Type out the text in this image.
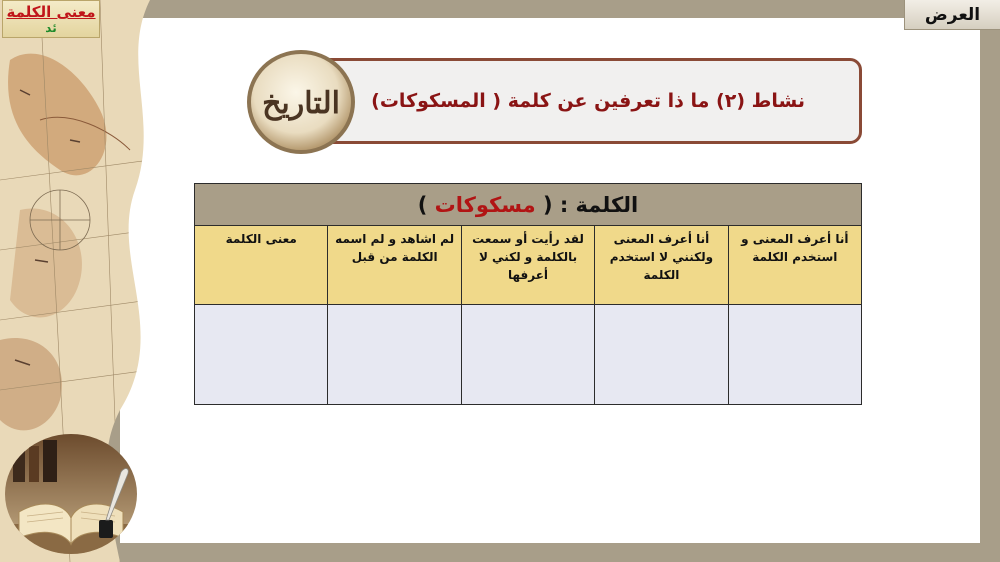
معنى الكلمة
ئد
العرض
نشاط (٢) ما ذا تعرفين عن كلمة ( المسكوكات)
التاريخ
الكلمة : ( مسكوكات )				
أنا أعرف المعنى و استخدم الكلمة	أنا أعرف المعنى ولكنني لا استخدم الكلمة	لقد رأيت أو سمعت بالكلمة و لكني لا أعرفها	لم اشاهد و لم اسمه الكلمة من قبل	معنى الكلمة
